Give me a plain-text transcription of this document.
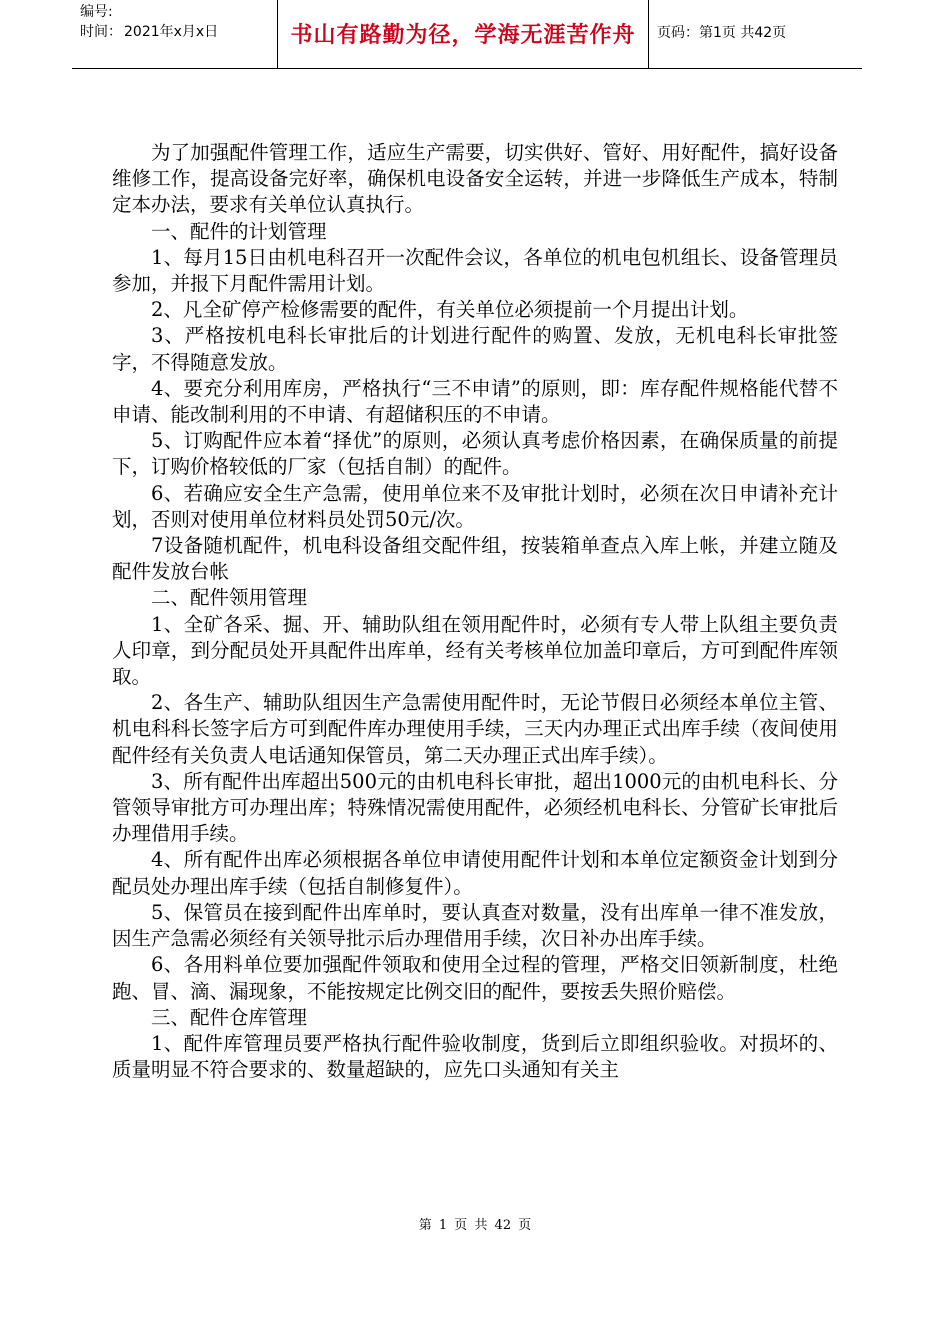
编号:
时间： 2021年x月x日	书山有路勤为径，学海无涯苦作舟 页码：第1页 共42页

为了加强配件管理工作，适应生产需要，切实供好、管好、用好配件，搞好设备维修工作，提高设备完好率，确保机电设备安全运转，并进一步降低生产成本，特制定本办法，要求有关单位认真执行。

一、配件的计划管理

1、每月15日由机电科召开一次配件会议，各单位的机电包机组长、设备管理员参加，并报下月配件需用计划。

2、凡全矿停产检修需要的配件，有关单位必须提前一个月提出计划。

3、严格按机电科长审批后的计划进行配件的购置、发放，无机电科长审批签字，不得随意发放。

4、要充分利用库房，严格执行“三不申请”的原则，即：库存配件规格能代替不申请、能改制利用的不申请、有超储积压的不申请。

5、订购配件应本着“择优”的原则，必须认真考虑价格因素，在确保质量的前提下，订购价格较低的厂家（包括自制）的配件。

6、若确应安全生产急需，使用单位来不及审批计划时，必须在次日申请补充计划，否则对使用单位材料员处罚50元/次。

7设备随机配件，机电科设备组交配件组，按装箱单查点入库上帐，并建立随及配件发放台帐

二、配件领用管理

1、全矿各采、掘、开、辅助队组在领用配件时，必须有专人带上队组主要负责人印章，到分配员处开具配件出库单，经有关考核单位加盖印章后，方可到配件库领取。

2、各生产、辅助队组因生产急需使用配件时，无论节假日必须经本单位主管、机电科科长签字后方可到配件库办理使用手续，三天内办理正式出库手续（夜间使用配件经有关负责人电话通知保管员，第二天办理正式出库手续）。

3、所有配件出库超出500元的由机电科长审批，超出1000元的由机电科长、分管领导审批方可办理出库；特殊情况需使用配件，必须经机电科长、分管矿长审批后办理借用手续。

4、所有配件出库必须根据各单位申请使用配件计划和本单位定额资金计划到分配员处办理出库手续（包括自制修复件）。

5、保管员在接到配件出库单时，要认真查对数量，没有出库单一律不准发放，因生产急需必须经有关领导批示后办理借用手续，次日补办出库手续。

6、各用料单位要加强配件领取和使用全过程的管理，严格交旧领新制度，杜绝跑、冒、滴、漏现象，不能按规定比例交旧的配件，要按丢失照价赔偿。

三、配件仓库管理

1、配件库管理员要严格执行配件验收制度，货到后立即组织验收。对损坏的、质量明显不符合要求的、数量超缺的，应先口头通知有关主

第 1 页 共 42 页
